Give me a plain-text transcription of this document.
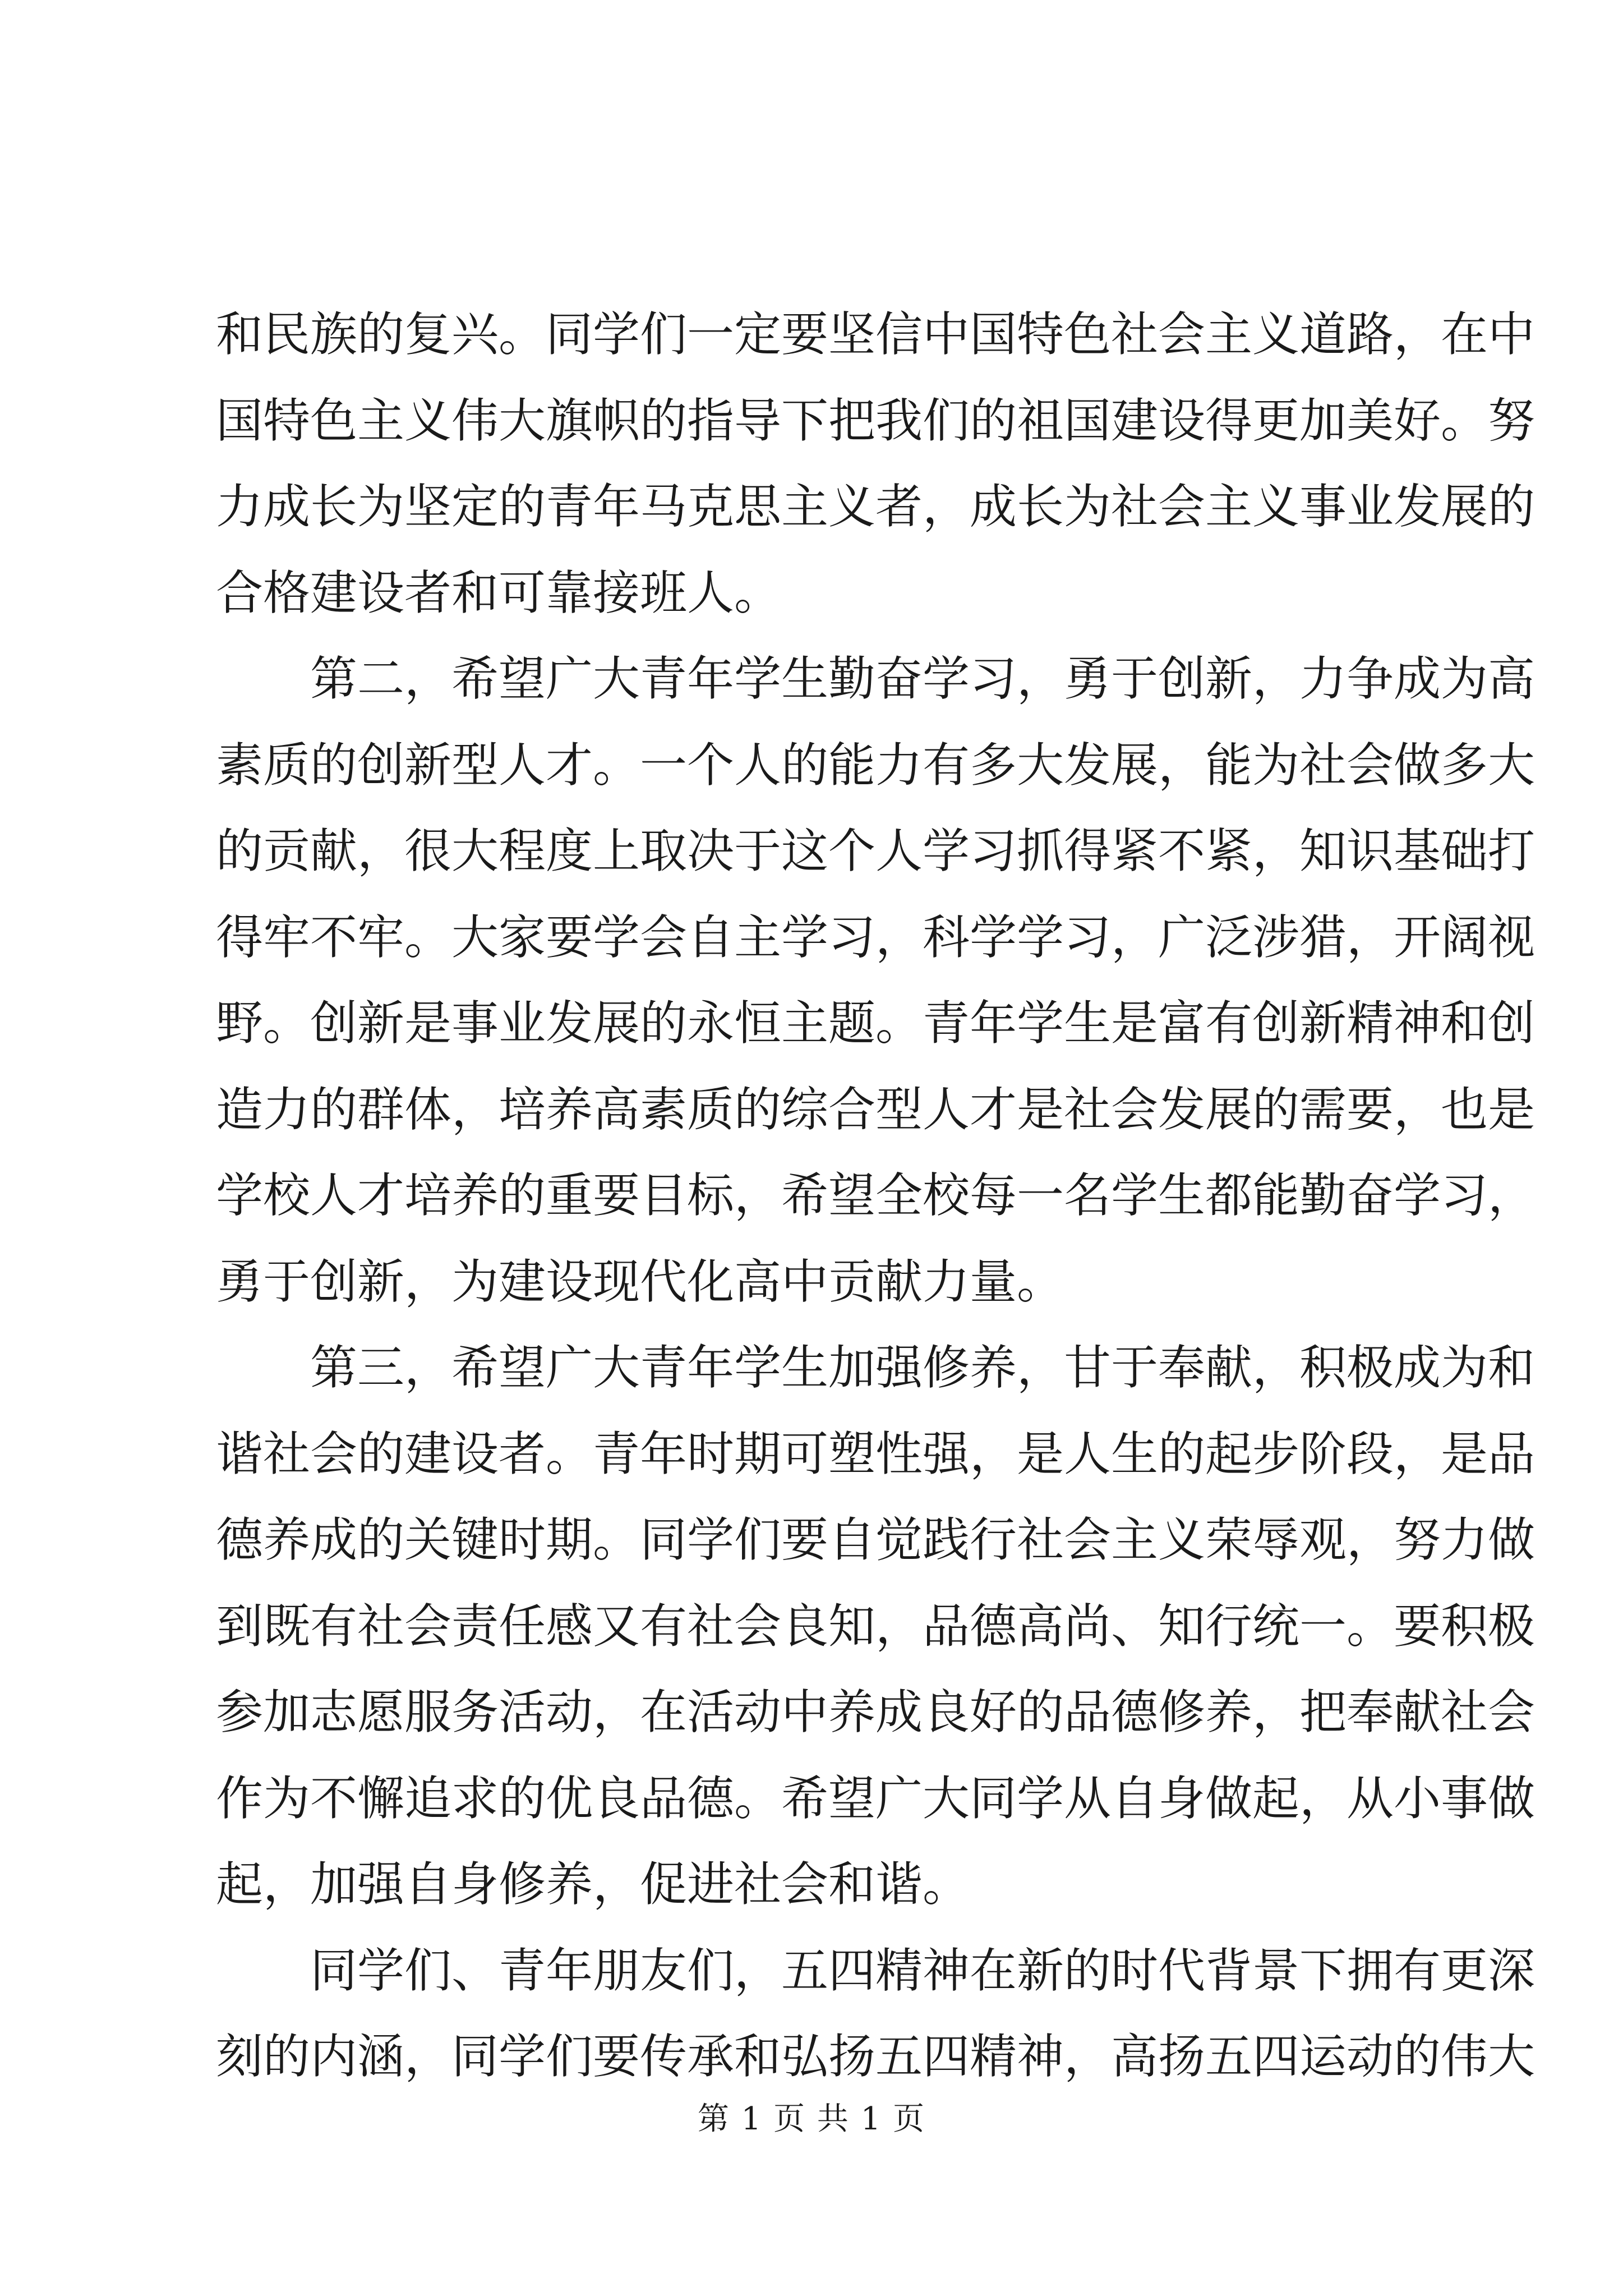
和民族的复兴。同学们一定要坚信中国特色社会主义道路，在中
国特色主义伟大旗帜的指导下把我们的祖国建设得更加美好。努
力成长为坚定的青年马克思主义者，成长为社会主义事业发展的
合格建设者和可靠接班人。
第二，希望广大青年学生勤奋学习，勇于创新，力争成为高
素质的创新型人才。一个人的能力有多大发展，能为社会做多大
的贡献，很大程度上取决于这个人学习抓得紧不紧，知识基础打
得牢不牢。大家要学会自主学习，科学学习，广泛涉猎，开阔视
野。创新是事业发展的永恒主题。青年学生是富有创新精神和创
造力的群体，培养高素质的综合型人才是社会发展的需要，也是
学校人才培养的重要目标，希望全校每一名学生都能勤奋学习，
勇于创新，为建设现代化高中贡献力量。
第三，希望广大青年学生加强修养，甘于奉献，积极成为和
谐社会的建设者。青年时期可塑性强，是人生的起步阶段，是品
德养成的关键时期。同学们要自觉践行社会主义荣辱观，努力做
到既有社会责任感又有社会良知，品德高尚、知行统一。要积极
参加志愿服务活动，在活动中养成良好的品德修养，把奉献社会
作为不懈追求的优良品德。希望广大同学从自身做起，从小事做
起，加强自身修养，促进社会和谐。
同学们、青年朋友们，五四精神在新的时代背景下拥有更深
刻的内涵，同学们要传承和弘扬五四精神，高扬五四运动的伟大
第 1 页 共 1 页
